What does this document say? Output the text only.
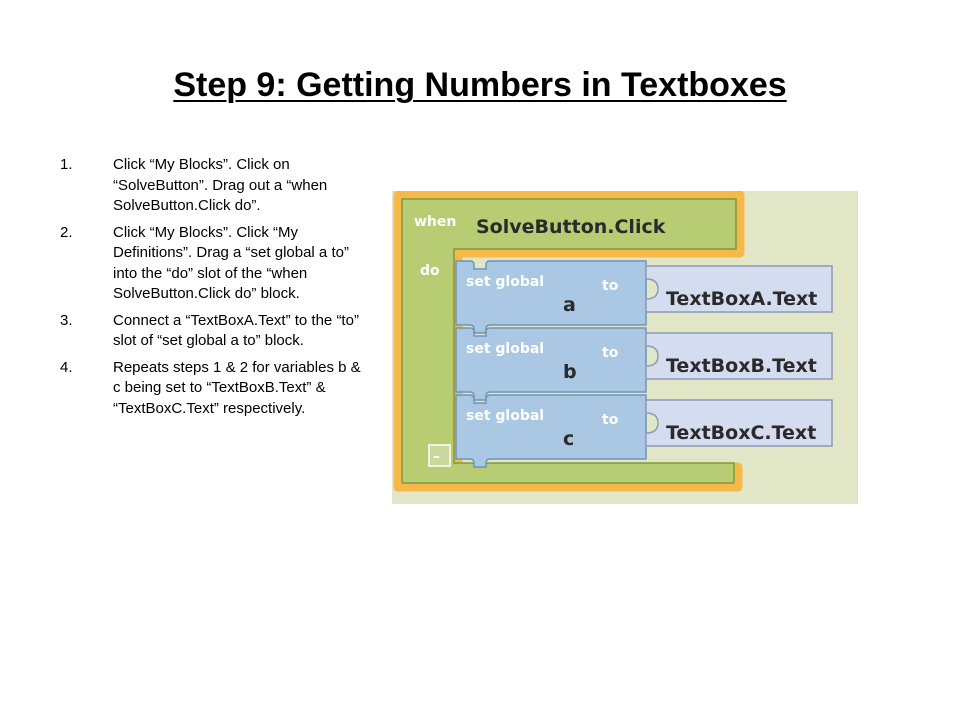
Step 9: Getting Numbers in Textboxes
1.	Click “My Blocks”. Click on “SolveButton”. Drag out a “when SolveButton.Click do”.
2.	Click “My Blocks”. Click “My Definitions”. Drag a “set global a to” into the “do” slot of the “when SolveButton.Click do” block.
3.	Connect a “TextBoxA.Text” to the “to” slot of “set global a to” block.
4.	Repeats steps 1 & 2 for variables b & c being set to “TextBoxB.Text” & “TextBoxC.Text” respectively.
when SolveButton.Click
do
–
set global
a
to
TextBoxA.Text
set global
b
to
TextBoxB.Text
set global
c
to
TextBoxC.Text
